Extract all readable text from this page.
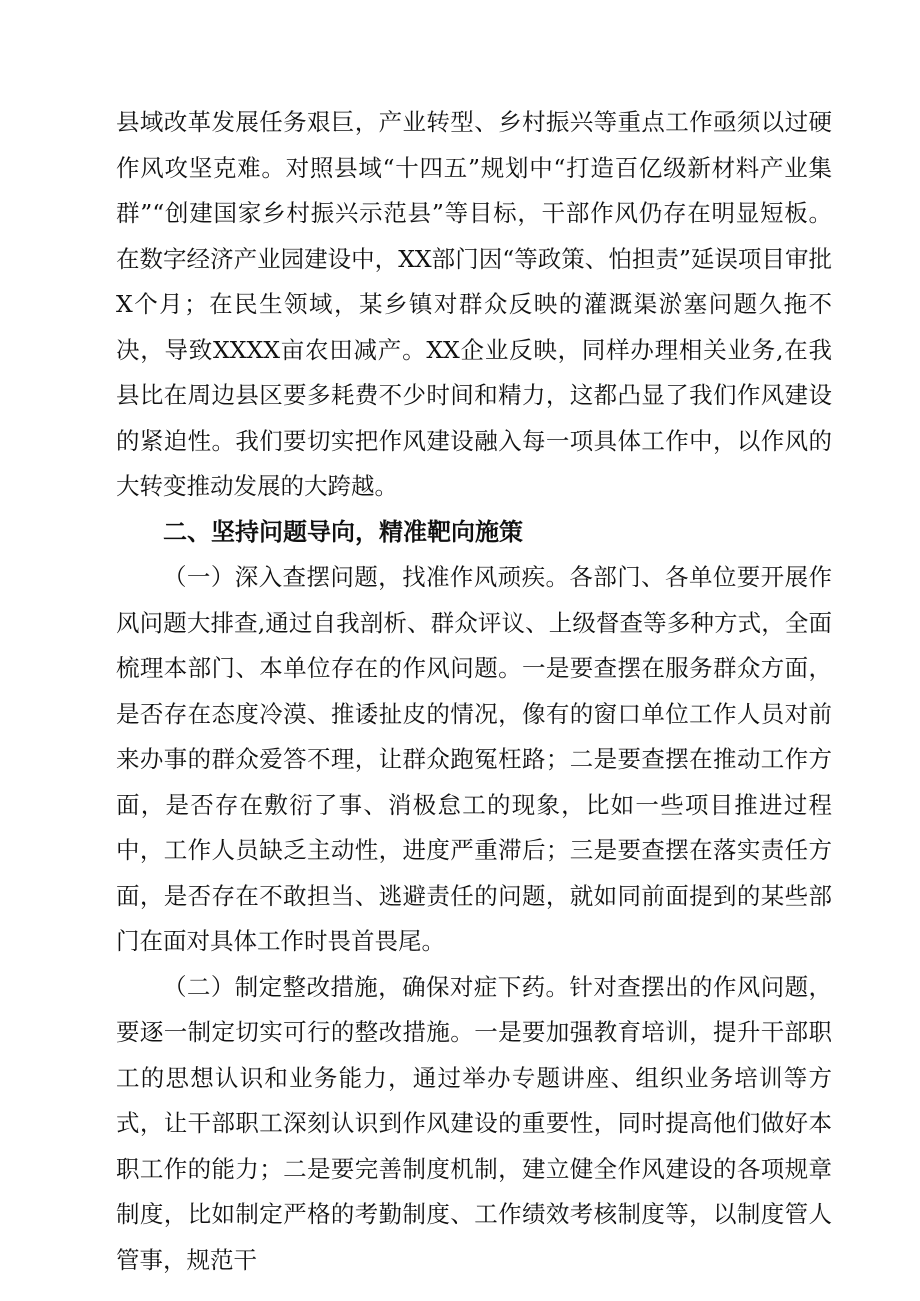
县域改革发展任务艰巨，产业转型、乡村振兴等重点工作亟须以过硬作风攻坚克难。对照县域“十四五”规划中“打造百亿级新材料产业集群”“创建国家乡村振兴示范县”等目标，干部作风仍存在明显短板。在数字经济产业园建设中，XX部门因“等政策、怕担责”延误项目审批X个月；在民生领域，某乡镇对群众反映的灌溉渠淤塞问题久拖不决，导致XXXX亩农田减产。XX企业反映，同样办理相关业务,在我县比在周边县区要多耗费不少时间和精力，这都凸显了我们作风建设的紧迫性。我们要切实把作风建设融入每一项具体工作中，以作风的大转变推动发展的大跨越。

二、坚持问题导向，精准靶向施策

（一）深入查摆问题，找准作风顽疾。各部门、各单位要开展作风问题大排查,通过自我剖析、群众评议、上级督查等多种方式，全面梳理本部门、本单位存在的作风问题。一是要查摆在服务群众方面，是否存在态度冷漠、推诿扯皮的情况，像有的窗口单位工作人员对前来办事的群众爱答不理，让群众跑冤枉路；二是要查摆在推动工作方面，是否存在敷衍了事、消极怠工的现象，比如一些项目推进过程中，工作人员缺乏主动性，进度严重滞后；三是要查摆在落实责任方面，是否存在不敢担当、逃避责任的问题，就如同前面提到的某些部门在面对具体工作时畏首畏尾。

（二）制定整改措施，确保对症下药。针对查摆出的作风问题，要逐一制定切实可行的整改措施。一是要加强教育培训，提升干部职工的思想认识和业务能力，通过举办专题讲座、组织业务培训等方式，让干部职工深刻认识到作风建设的重要性，同时提高他们做好本职工作的能力；二是要完善制度机制，建立健全作风建设的各项规章制度，比如制定严格的考勤制度、工作绩效考核制度等，以制度管人管事，规范干
